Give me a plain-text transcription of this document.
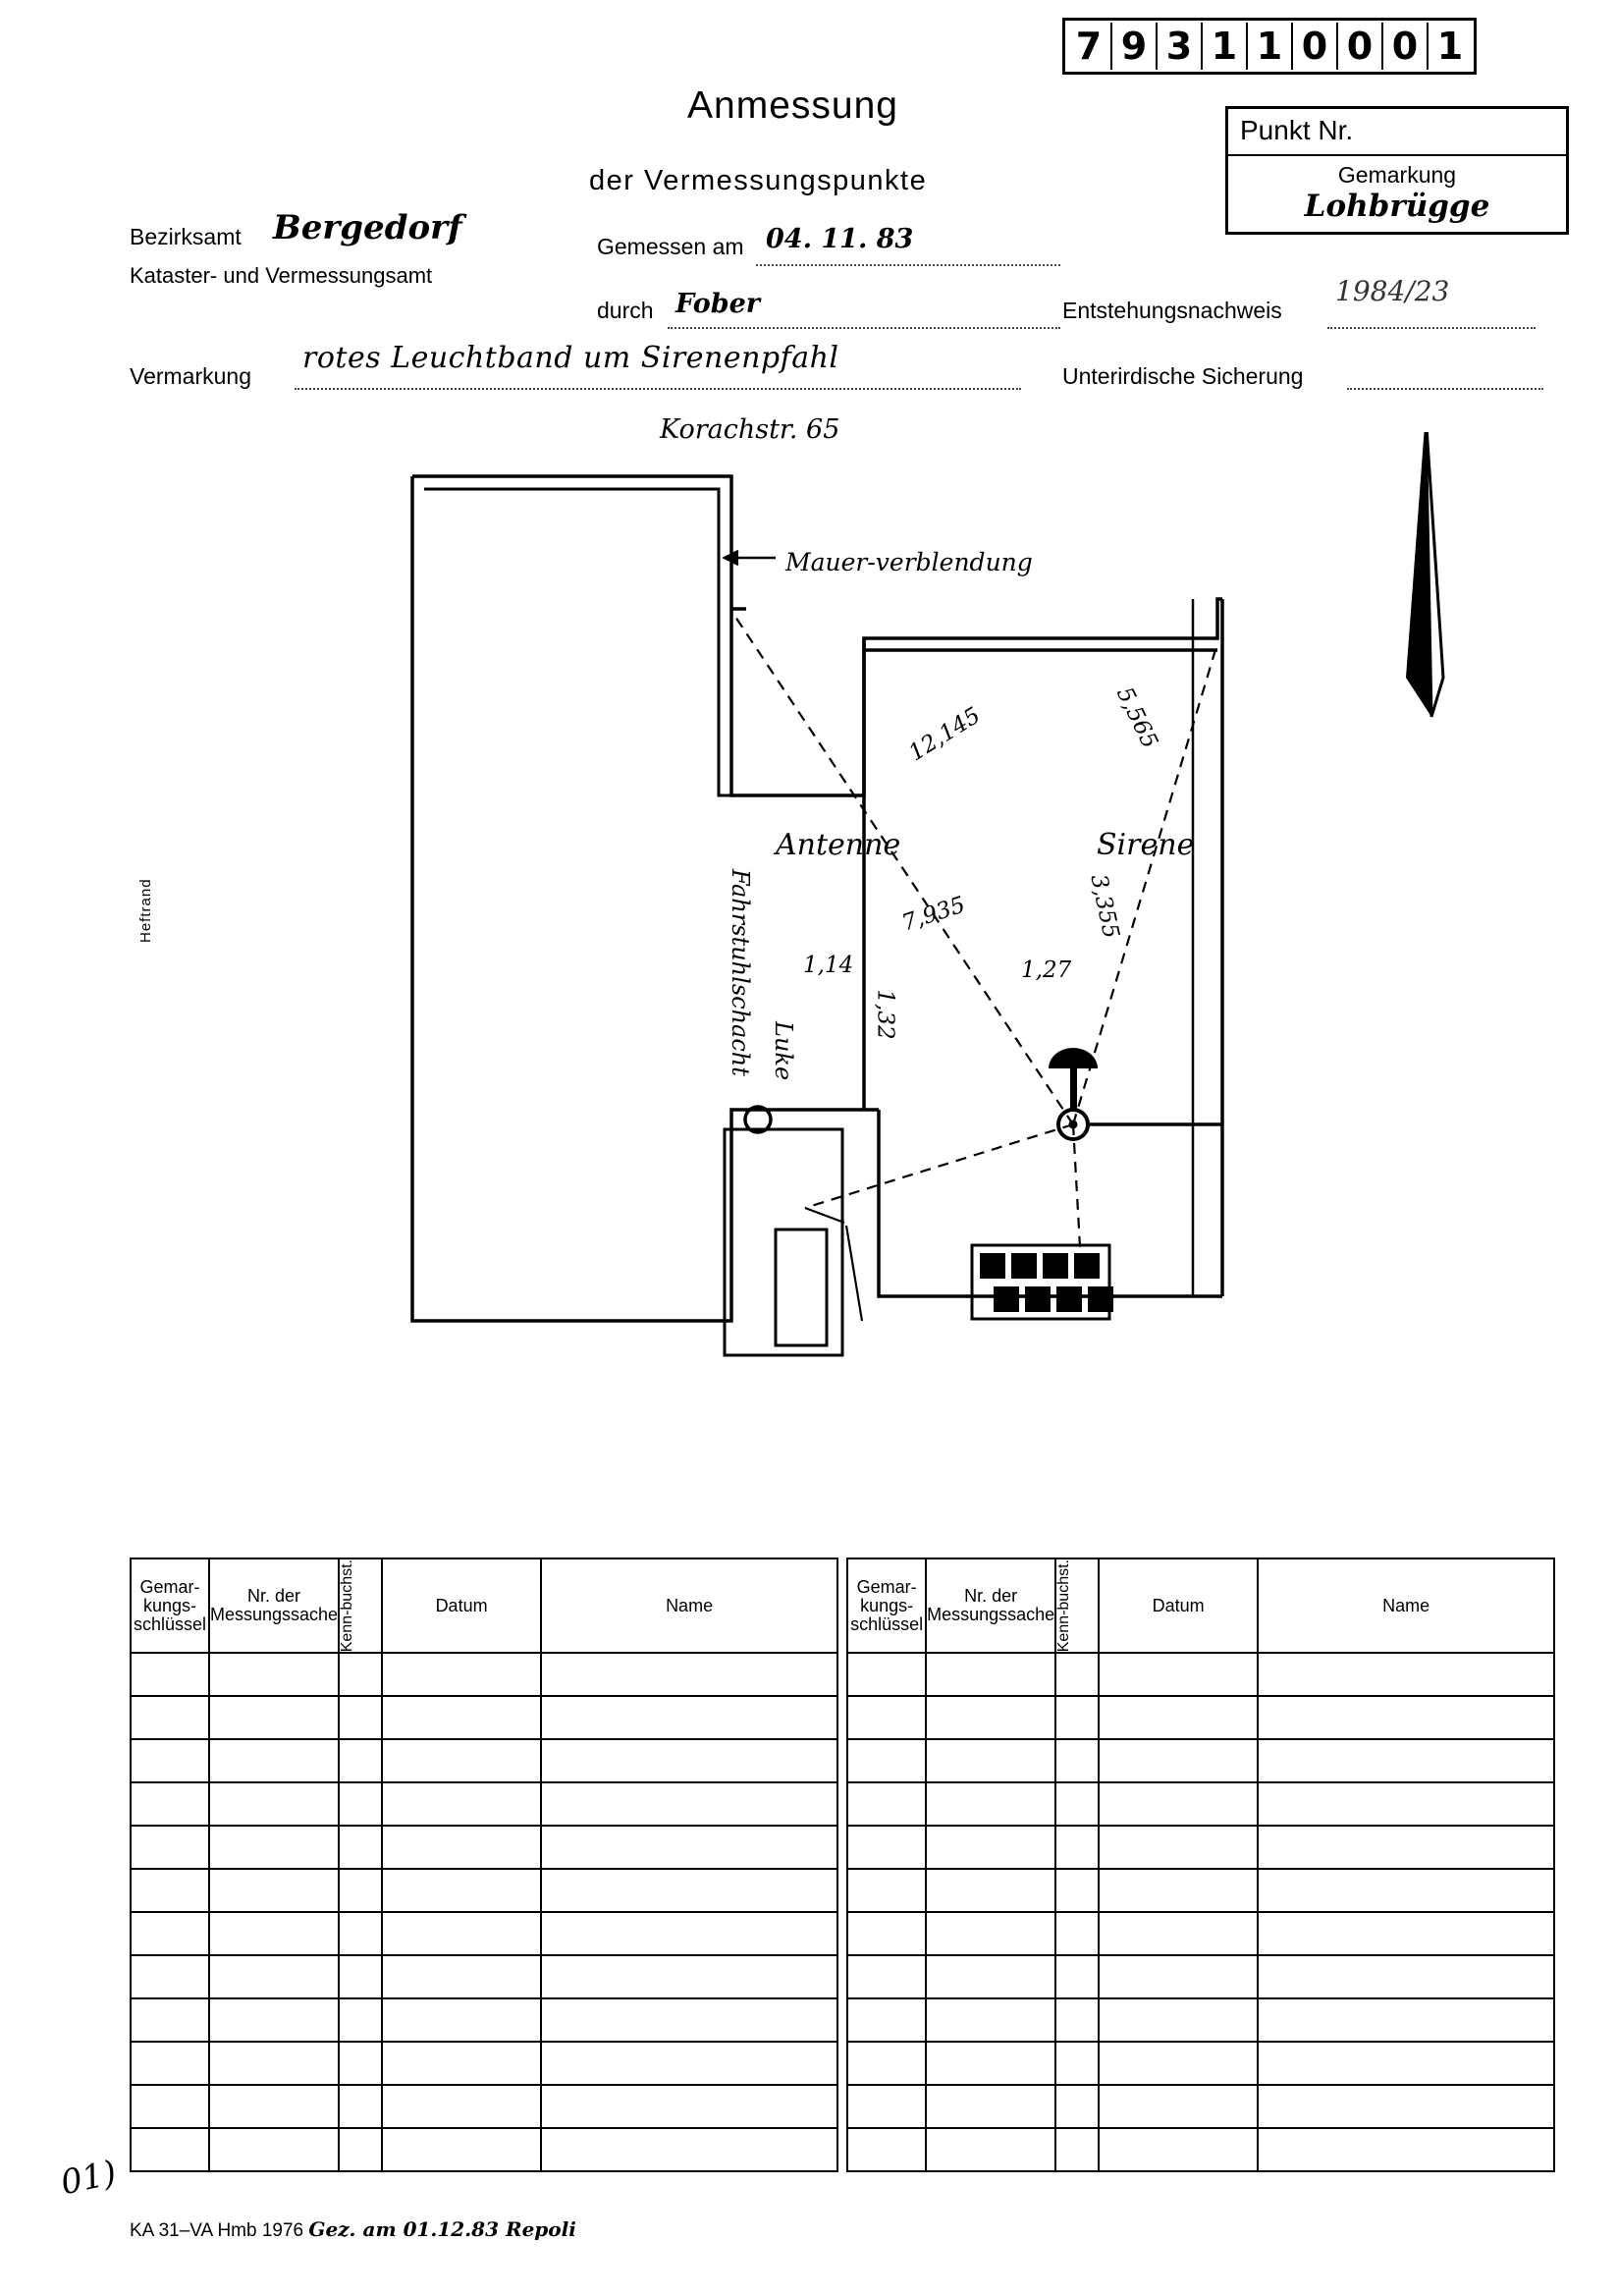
7 9 3 1 1 0 0 0 1
Punkt Nr.
Gemarkung
Lohbrügge
Anmessung
der Vermessungspunkte
Bezirksamt Bergedorf
Kataster- und Vermessungsamt
Gemessen am 04. 11. 83
durch Fober	Entstehungsnachweis
1984/23
Vermarkung
rotes Leuchtband um Sirenenpfahl
Unterirdische Sicherung
Korachstr. 65
Heftrand
Mauer-verblendung
Antenne	Sirene
12,145	5,565
7,935	3,355
1,14
1,32
1,27
Fahrstuhlschacht Luke
Gemar-
kungs-
schlüssel	Nr. der
Messungssache	Kenn-buchst.	Datum	Name		Gemar-
kungs-
schlüssel	Nr. der
Messungssache	Kenn-buchst.	Datum	Name

01)
KA 31–VA Hmb 1976 Gez. am 01.12.83 Repoli
